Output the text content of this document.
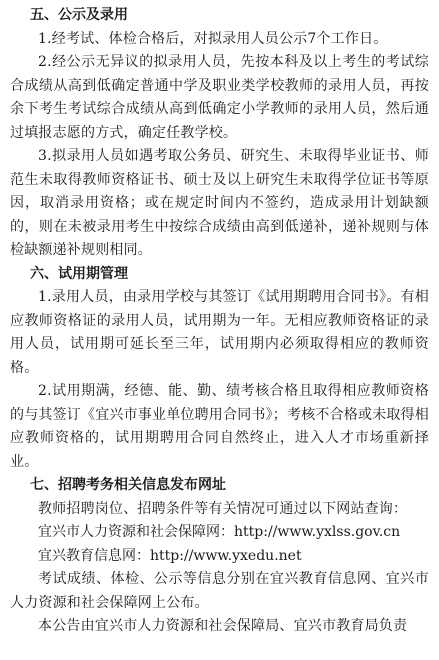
五、公示及录用

1.经考试、体检合格后，对拟录用人员公示7个工作日。

2.经公示无异议的拟录用人员，先按本科及以上考生的考试综合成绩从高到低确定普通中学及职业类学校教师的录用人员，再按余下考生考试综合成绩从高到低确定小学教师的录用人员，然后通过填报志愿的方式，确定任教学校。

3.拟录用人员如遇考取公务员、研究生、未取得毕业证书、师范生未取得教师资格证书、硕士及以上研究生未取得学位证书等原因，取消录用资格；或在规定时间内不签约，造成录用计划缺额的，则在未被录用考生中按综合成绩由高到低递补，递补规则与体检缺额递补规则相同。

六、试用期管理

1.录用人员，由录用学校与其签订《试用期聘用合同书》。有相应教师资格证的录用人员，试用期为一年。无相应教师资格证的录用人员，试用期可延长至三年，试用期内必须取得相应的教师资格。

2.试用期满，经德、能、勤、绩考核合格且取得相应教师资格的与其签订《宜兴市事业单位聘用合同书》；考核不合格或未取得相应教师资格的，试用期聘用合同自然终止，进入人才市场重新择业。

七、招聘考务相关信息发布网址

教师招聘岗位、招聘条件等有关情况可通过以下网站查询：

宜兴市人力资源和社会保障网：http://www.yxlss.gov.cn
宜兴教育信息网：http://www.yxedu.net

考试成绩、体检、公示等信息分别在宜兴教育信息网、宜兴市人力资源和社会保障网上公布。

本公告由宜兴市人力资源和社会保障局、宜兴市教育局负责
